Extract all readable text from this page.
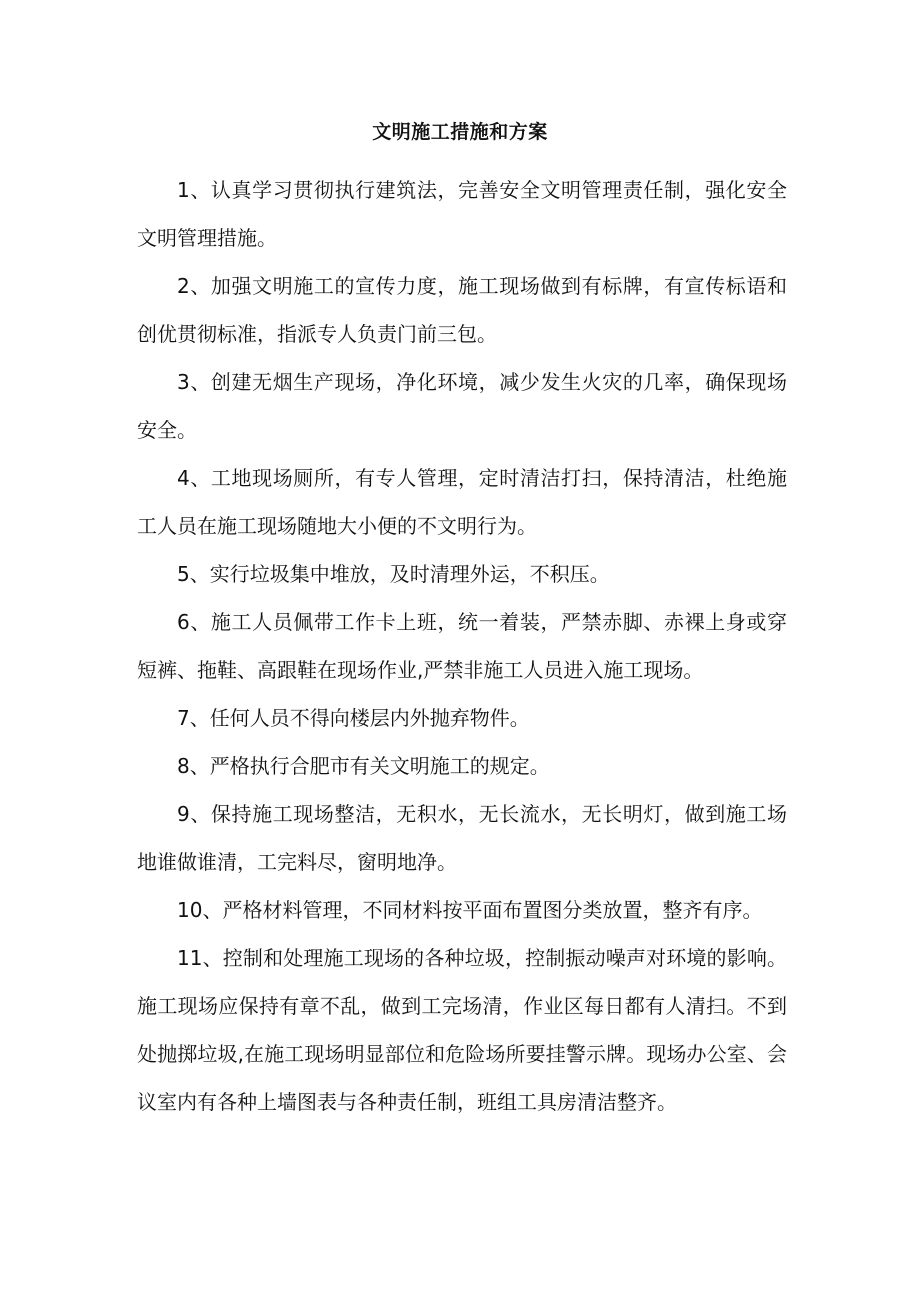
文明施工措施和方案

1、认真学习贯彻执行建筑法，完善安全文明管理责任制，强化安全文明管理措施。

2、加强文明施工的宣传力度，施工现场做到有标牌，有宣传标语和创优贯彻标准，指派专人负责门前三包。

3、创建无烟生产现场，净化环境，减少发生火灾的几率，确保现场安全。

4、工地现场厕所，有专人管理，定时清洁打扫，保持清洁，杜绝施工人员在施工现场随地大小便的不文明行为。

5、实行垃圾集中堆放，及时清理外运，不积压。

6、施工人员佩带工作卡上班，统一着装，严禁赤脚、赤裸上身或穿短裤、拖鞋、高跟鞋在现场作业,严禁非施工人员进入施工现场。

7、任何人员不得向楼层内外抛弃物件。

8、严格执行合肥市有关文明施工的规定。

9、保持施工现场整洁，无积水，无长流水，无长明灯，做到施工场地谁做谁清，工完料尽，窗明地净。

10、严格材料管理，不同材料按平面布置图分类放置，整齐有序。

11、控制和处理施工现场的各种垃圾，控制振动噪声对环境的影响。施工现场应保持有章不乱，做到工完场清，作业区每日都有人清扫。不到处抛掷垃圾,在施工现场明显部位和危险场所要挂警示牌。现场办公室、会议室内有各种上墙图表与各种责任制，班组工具房清洁整齐。
